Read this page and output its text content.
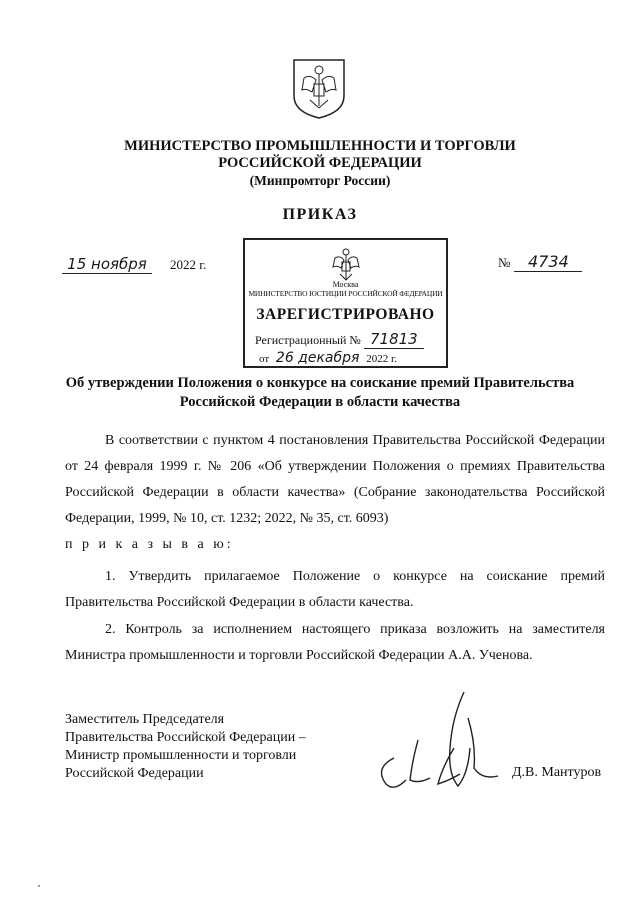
МИНИСТЕРСТВО ПРОМЫШЛЕННОСТИ И ТОРГОВЛИ
РОССИЙСКОЙ ФЕДЕРАЦИИ
(Минпромторг России)
ПРИКАЗ
15 ноября 2022 г.	№ 4734
Москва
МИНИСТЕРСТВО ЮСТИЦИИ РОССИЙСКОЙ ФЕДЕРАЦИИ
ЗАРЕГИСТРИРОВАНО
Регистрационный № 71813
от 26 декабря 2022 г.
Об утверждении Положения о конкурсе на соискание премий Правительства
Российской Федерации в области качества
В соответствии с пунктом 4 постановления Правительства Российской Федерации от 24 февраля 1999 г. № 206 «Об утверждении Положения о премиях Правительства Российской Федерации в области качества» (Собрание законодательства Российской Федерации, 1999, № 10, ст. 1232; 2022, № 35, ст. 6093)
п р и к а з ы в а ю:
1. Утвердить прилагаемое Положение о конкурсе на соискание премий Правительства Российской Федерации в области качества.
2. Контроль за исполнением настоящего приказа возложить на заместителя Министра промышленности и торговли Российской Федерации А.А. Ученова.
Заместитель Председателя
Правительства Российской Федерации –
Министр промышленности и торговли
Российской Федерации	Д.В. Мантуров
